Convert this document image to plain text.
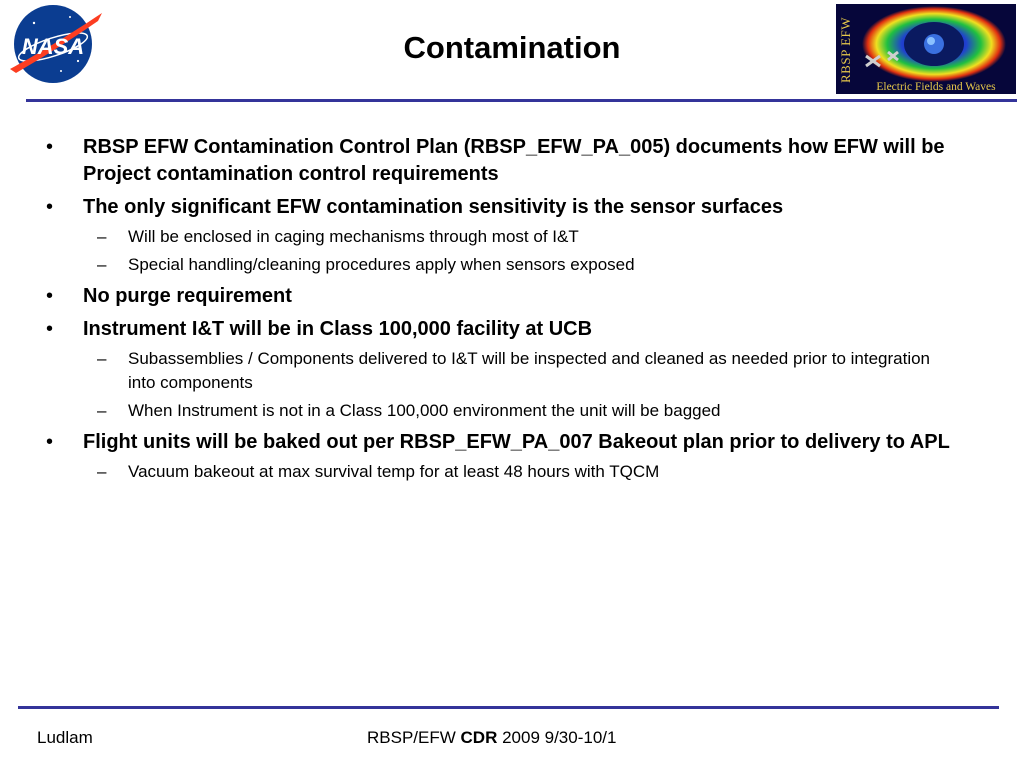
NASA	Contamination	RBSP EFW
Electric Fields and Waves
• RBSP EFW Contamination Control Plan (RBSP_EFW_PA_005) documents how EFW will be Project contamination control requirements
• The only significant EFW contamination sensitivity is the sensor surfaces
– Will be enclosed in caging mechanisms through most of I&T
– Special handling/cleaning procedures apply when sensors exposed
• No purge requirement
• Instrument I&T will be in Class 100,000 facility at UCB
– Subassemblies / Components delivered to I&T will be inspected and cleaned as needed prior to integration into components
– When Instrument is not in a Class 100,000 environment the unit will be bagged
• Flight units will be baked out per RBSP_EFW_PA_007 Bakeout plan prior to delivery to APL
– Vacuum bakeout at max survival temp for at least 48 hours with TQCM
Ludlam	RBSP/EFW CDR 2009 9/30-10/1
